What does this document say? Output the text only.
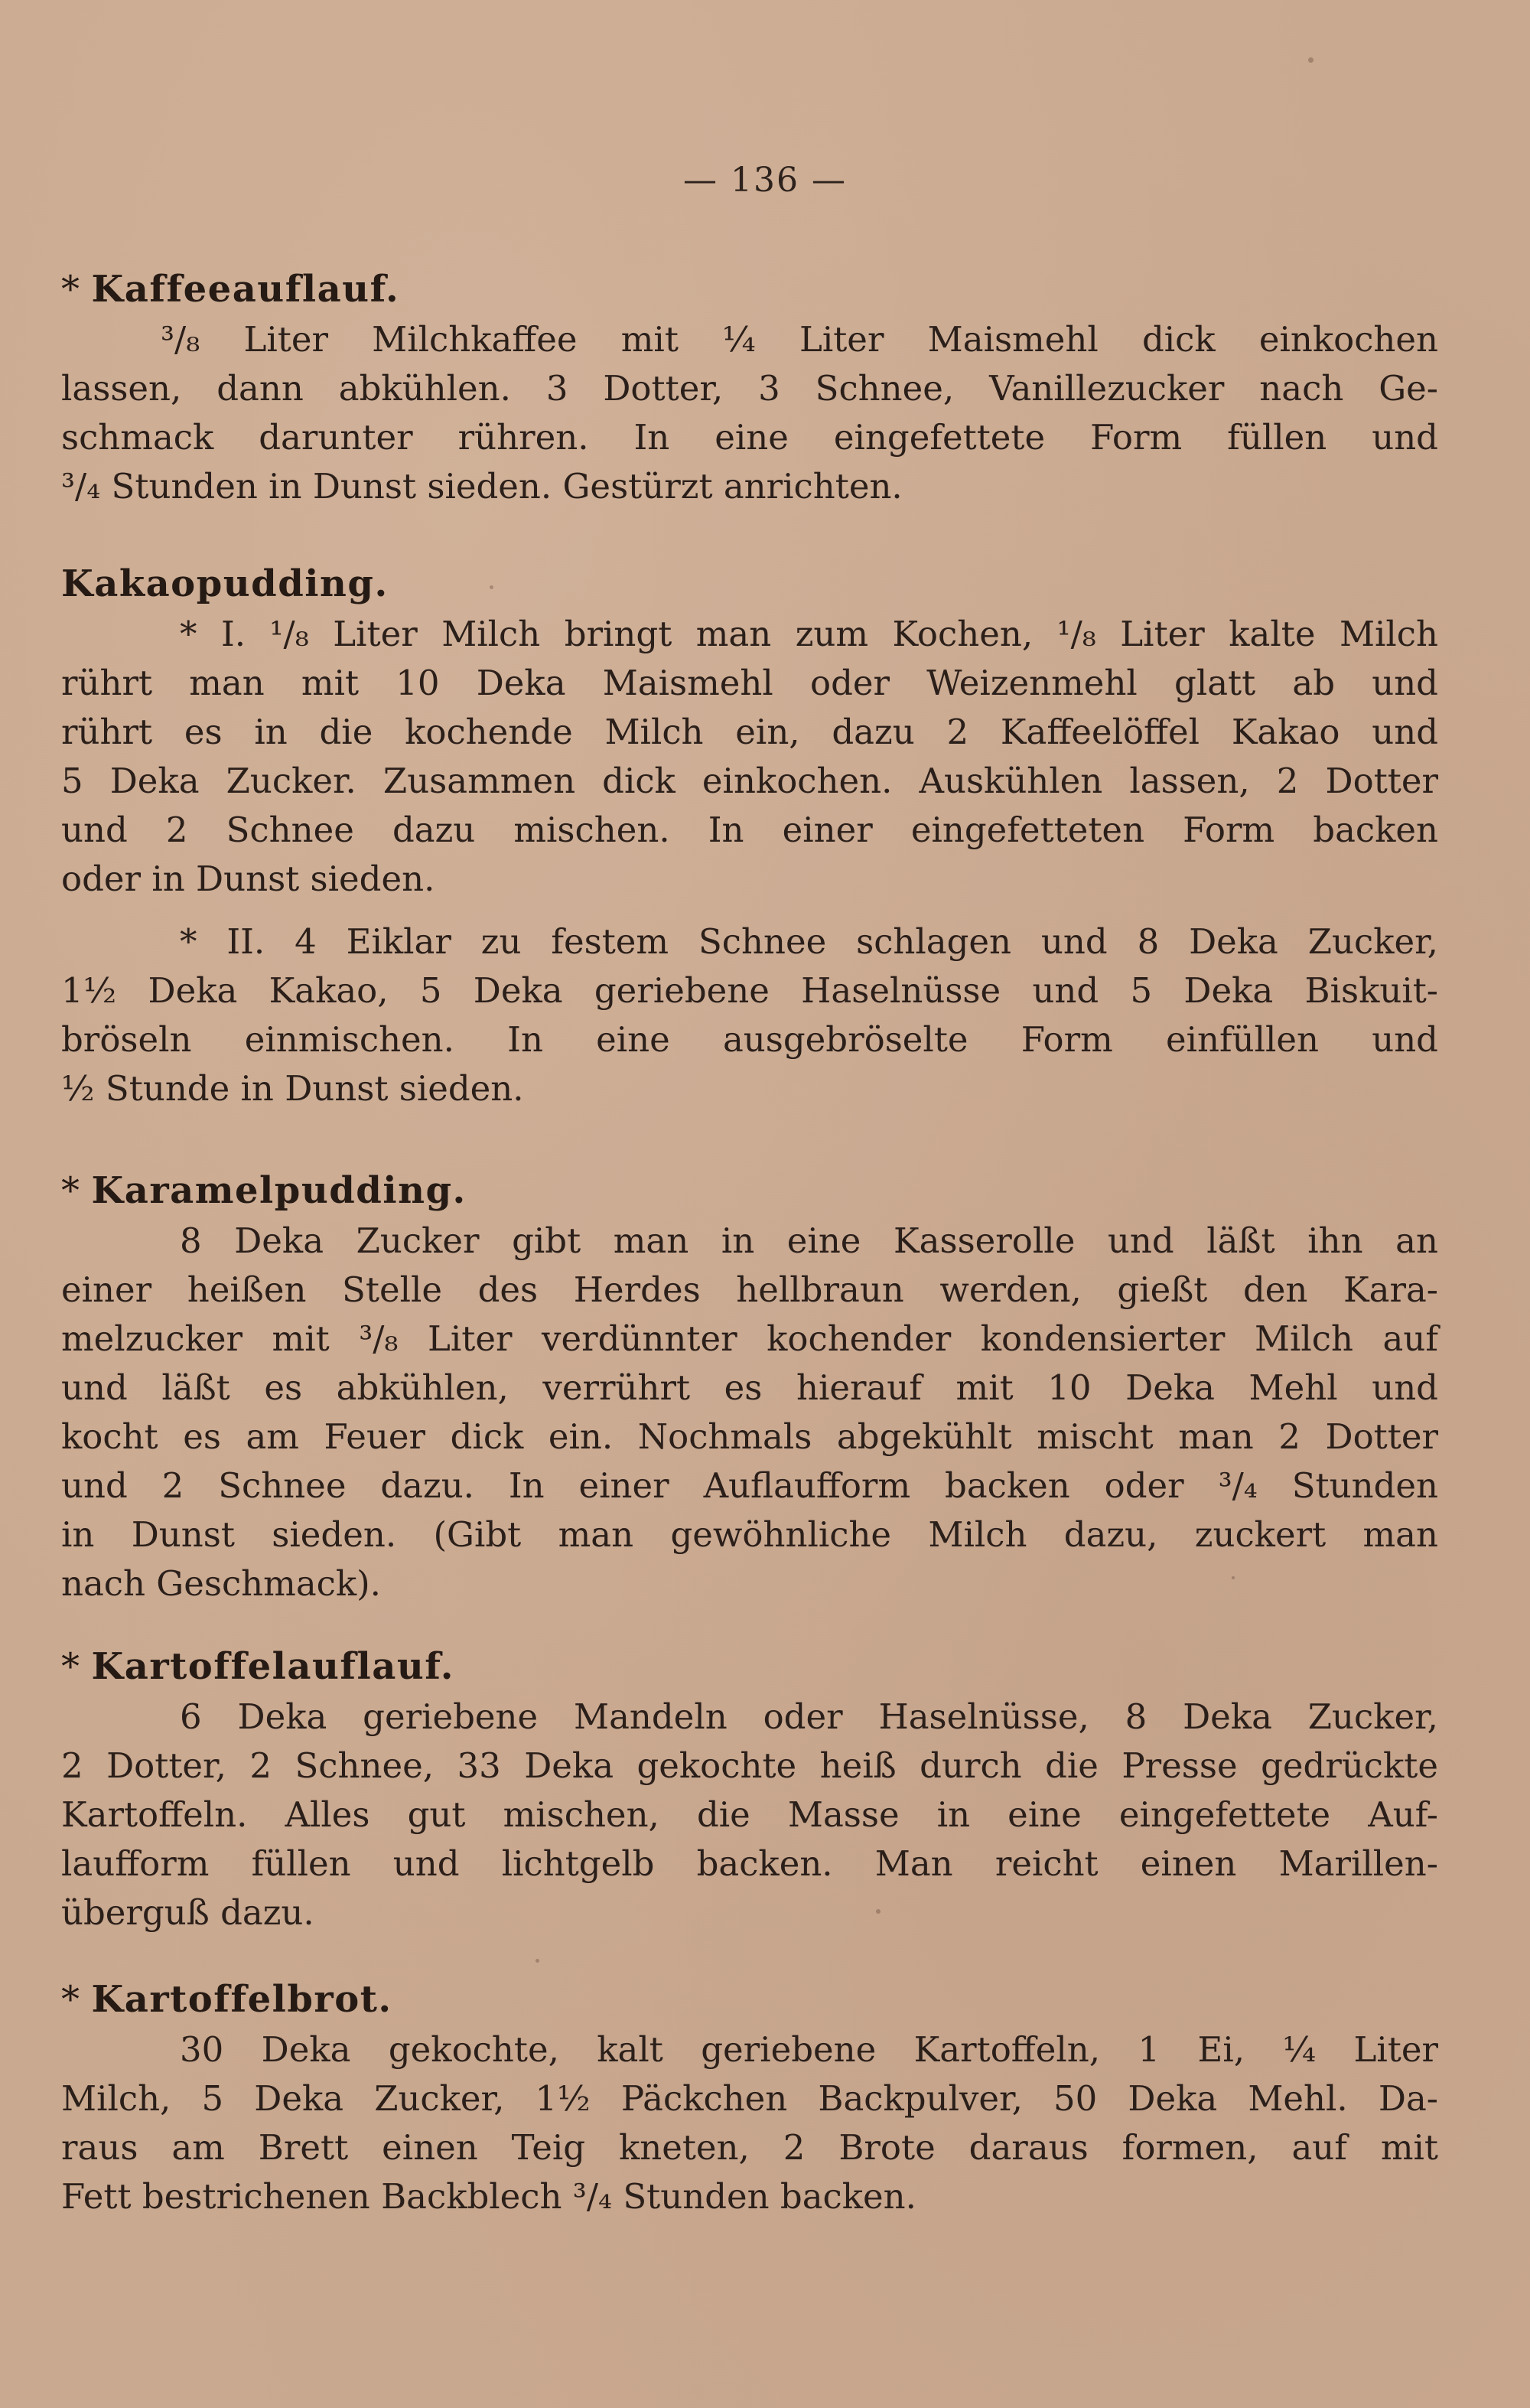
— 136 —
* Kaffeeauflauf.
³/₈ Liter Milchkaffee mit ¼ Liter Maismehl dick einkochen
lassen, dann abkühlen. 3 Dotter, 3 Schnee, Vanillezucker nach Ge-
schmack darunter rühren. In eine eingefettete Form füllen und
³/₄ Stunden in Dunst sieden. Gestürzt anrichten.
Kakaopudding.
* I. ¹/₈ Liter Milch bringt man zum Kochen, ¹/₈ Liter kalte Milch
rührt man mit 10 Deka Maismehl oder Weizenmehl glatt ab und
rührt es in die kochende Milch ein, dazu 2 Kaffeelöffel Kakao und
5 Deka Zucker. Zusammen dick einkochen. Auskühlen lassen, 2 Dotter
und 2 Schnee dazu mischen. In einer eingefetteten Form backen
oder in Dunst sieden.
* II. 4 Eiklar zu festem Schnee schlagen und 8 Deka Zucker,
1½ Deka Kakao, 5 Deka geriebene Haselnüsse und 5 Deka Biskuit-
bröseln einmischen. In eine ausgebröselte Form einfüllen und
½ Stunde in Dunst sieden.
* Karamelpudding.
8 Deka Zucker gibt man in eine Kasserolle und läßt ihn an
einer heißen Stelle des Herdes hellbraun werden, gießt den Kara-
melzucker mit ³/₈ Liter verdünnter kochender kondensierter Milch auf
und läßt es abkühlen, verrührt es hierauf mit 10 Deka Mehl und
kocht es am Feuer dick ein. Nochmals abgekühlt mischt man 2 Dotter
und 2 Schnee dazu. In einer Auflaufform backen oder ³/₄ Stunden
in Dunst sieden. (Gibt man gewöhnliche Milch dazu, zuckert man
nach Geschmack).
* Kartoffelauflauf.
6 Deka geriebene Mandeln oder Haselnüsse, 8 Deka Zucker,
2 Dotter, 2 Schnee, 33 Deka gekochte heiß durch die Presse gedrückte
Kartoffeln. Alles gut mischen, die Masse in eine eingefettete Auf-
laufform füllen und lichtgelb backen. Man reicht einen Marillen-
überguß dazu.
* Kartoffelbrot.
30 Deka gekochte, kalt geriebene Kartoffeln, 1 Ei, ¼ Liter
Milch, 5 Deka Zucker, 1½ Päckchen Backpulver, 50 Deka Mehl. Da-
raus am Brett einen Teig kneten, 2 Brote daraus formen, auf mit
Fett bestrichenen Backblech ³/₄ Stunden backen.
